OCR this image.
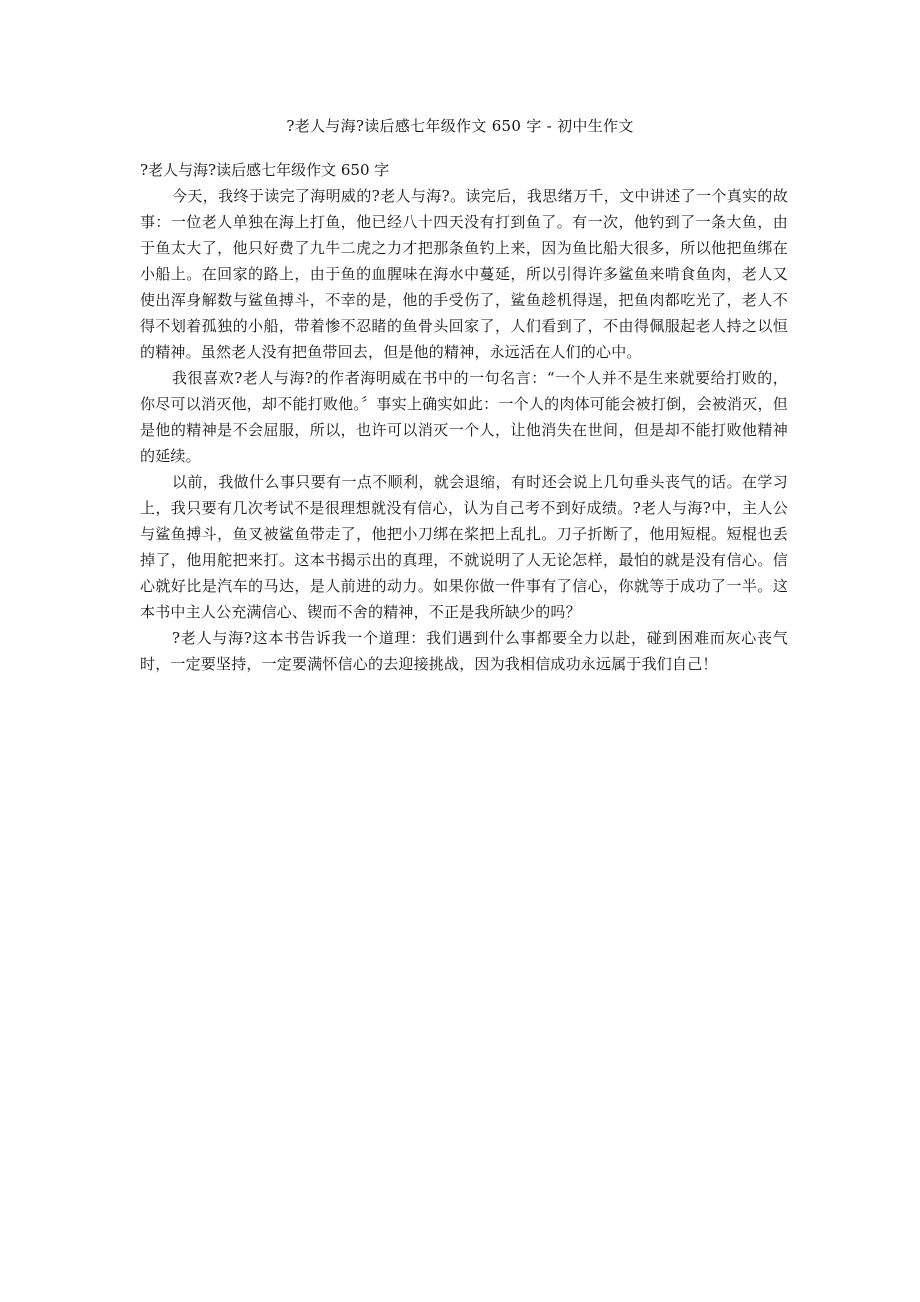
?老人与海?读后感七年级作文 650 字 - 初中生作文

?老人与海?读后感七年级作文 650 字

今天，我终于读完了海明威的?老人与海?。读完后，我思绪万千，文中讲述了一个真实的故事：一位老人单独在海上打鱼，他已经八十四天没有打到鱼了。有一次，他钓到了一条大鱼，由于鱼太大了，他只好费了九牛二虎之力才把那条鱼钓上来，因为鱼比船大很多，所以他把鱼绑在小船上。在回家的路上，由于鱼的血腥味在海水中蔓延，所以引得许多鲨鱼来啃食鱼肉，老人又使出浑身解数与鲨鱼搏斗，不幸的是，他的手受伤了，鲨鱼趁机得逞，把鱼肉都吃光了，老人不得不划着孤独的小船，带着惨不忍睹的鱼骨头回家了，人们看到了，不由得佩服起老人持之以恒的精神。虽然老人没有把鱼带回去，但是他的精神，永远活在人们的心中。

我很喜欢?老人与海?的作者海明威在书中的一句名言：“一个人并不是生来就要给打败的，你尽可以消灭他，却不能打败他。〞事实上确实如此：一个人的肉体可能会被打倒，会被消灭，但是他的精神是不会屈服，所以，也许可以消灭一个人，让他消失在世间，但是却不能打败他精神的延续。

以前，我做什么事只要有一点不顺利，就会退缩，有时还会说上几句垂头丧气的话。在学习上，我只要有几次考试不是很理想就没有信心，认为自己考不到好成绩。?老人与海?中，主人公与鲨鱼搏斗，鱼叉被鲨鱼带走了，他把小刀绑在桨把上乱扎。刀子折断了，他用短棍。短棍也丢掉了，他用舵把来打。这本书揭示出的真理，不就说明了人无论怎样，最怕的就是没有信心。信心就好比是汽车的马达，是人前进的动力。如果你做一件事有了信心，你就等于成功了一半。这本书中主人公充满信心、锲而不舍的精神，不正是我所缺少的吗？

?老人与海?这本书告诉我一个道理：我们遇到什么事都要全力以赴，碰到困难而灰心丧气时，一定要坚持，一定要满怀信心的去迎接挑战，因为我相信成功永远属于我们自己！
